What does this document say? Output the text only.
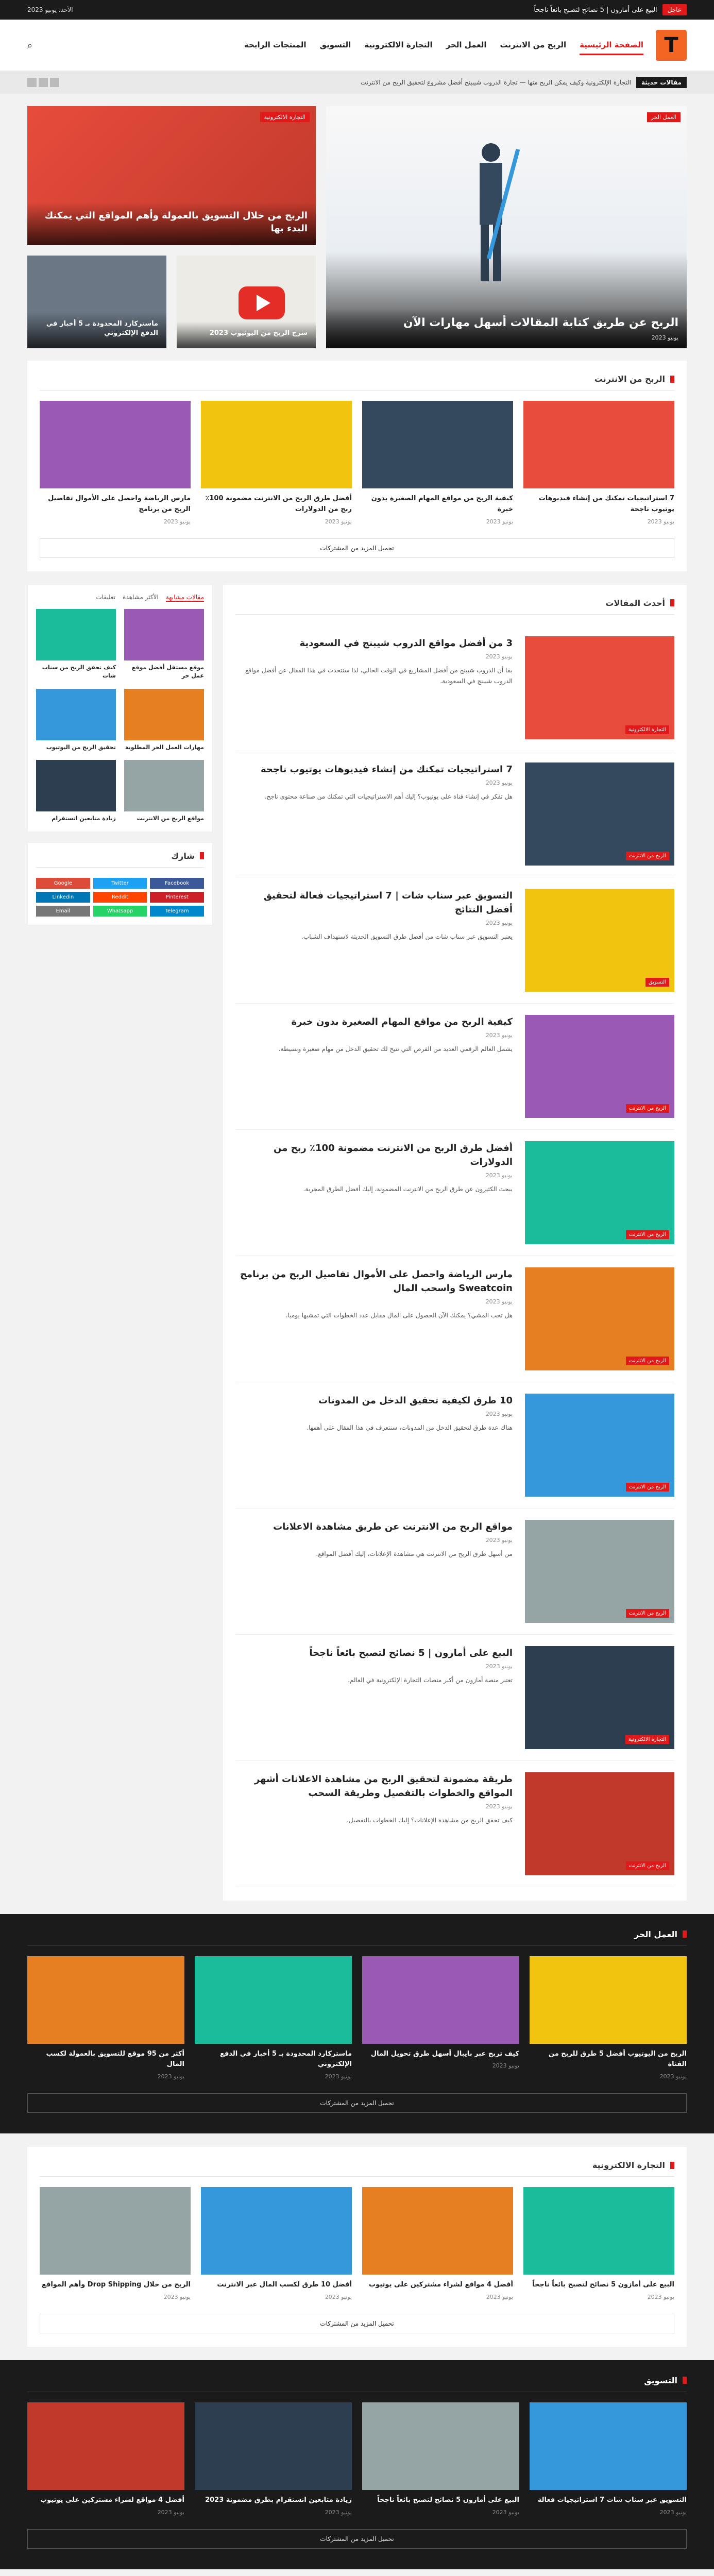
عاجل
البيع على أمازون | 5 نصائح لتصبح بائعاً ناجحاً
الأحد، يونيو 2023
T
الصفحة الرئيسية
الربح من الانترنت
العمل الحر
التجارة الالكترونية
التسويق
المنتجات الرابحة
⌕
مقالات حديثة
التجارة الإلكترونية وكيف يمكن الربح منها — تجارة الدروب شيبينج أفضل مشروع لتحقيق الربح من الانترنت
العمل الحر
الربح عن طريق كتابة المقالات أسهل مهارات الآن
يونيو 2023
التجارة الالكترونية
الربح من خلال التسويق بالعمولة وأهم المواقع التي يمكنك البدء بها
شرح الربح من اليوتيوب 2023
ماستركارد المحدودة بـ 5 أخبار في الدفع الإلكتروني
الربح من الانترنت
7 استراتيجيات تمكنك من إنشاء فيديوهات يوتيوب ناجحة
يونيو 2023
كيفية الربح من مواقع المهام الصغيرة بدون خبرة
يونيو 2023
أفضل طرق الربح من الانترنت مضمونة 100٪ ربح من الدولارات
يونيو 2023
مارس الرياضة واحصل على الأموال تفاصيل الربح من برنامج
يونيو 2023
تحميل المزيد من المشتركات
أحدث المقالات
التجارة الالكترونية
3 من أفضل مواقع الدروب شيبنج في السعودية
يونيو 2023

بما أن الدروب شيبنج من أفضل المشاريع في الوقت الحالي، لذا سنتحدث في هذا المقال عن أفضل مواقع الدروب شيبنج في السعودية.

الربح من الانترنت
7 استراتيجيات تمكنك من إنشاء فيديوهات يوتيوب ناجحة
يونيو 2023

هل تفكر في إنشاء قناة على يوتيوب؟ إليك أهم الاستراتيجيات التي تمكنك من صناعة محتوى ناجح.

التسويق
التسويق عبر سناب شات | 7 استراتيجيات فعالة لتحقيق أفضل النتائج
يونيو 2023

يعتبر التسويق عبر سناب شات من أفضل طرق التسويق الحديثة لاستهداف الشباب.

الربح من الانترنت
كيفية الربح من مواقع المهام الصغيرة بدون خبرة
يونيو 2023

يشمل العالم الرقمي العديد من الفرص التي تتيح لك تحقيق الدخل من مهام صغيرة وبسيطة.

الربح من الانترنت
أفضل طرق الربح من الانترنت مضمونة 100٪ ربح من الدولارات
يونيو 2023

يبحث الكثيرون عن طرق الربح من الانترنت المضمونة، إليك أفضل الطرق المجربة.

الربح من الانترنت
مارس الرياضة واحصل على الأموال تفاصيل الربح من برنامج Sweatcoin واسحب المال
يونيو 2023

هل تحب المشي؟ يمكنك الآن الحصول على المال مقابل عدد الخطوات التي تمشيها يوميا.

الربح من الانترنت
10 طرق لكيفية تحقيق الدخل من المدونات
يونيو 2023

هناك عدة طرق لتحقيق الدخل من المدونات، سنتعرف في هذا المقال على أهمها.

الربح من الانترنت
مواقع الربح من الانترنت عن طريق مشاهدة الاعلانات
يونيو 2023

من أسهل طرق الربح من الانترنت هي مشاهدة الإعلانات، إليك أفضل المواقع.

التجارة الالكترونية
البيع على أمازون | 5 نصائح لتصبح بائعاً ناجحاً
يونيو 2023

تعتبر منصة أمازون من أكبر منصات التجارة الإلكترونية في العالم.

الربح من الانترنت
طريقة مضمونة لتحقيق الربح من مشاهدة الاعلانات أشهر المواقع والخطوات بالتفصيل وطريقة السحب
يونيو 2023

كيف تحقق الربح من مشاهدة الإعلانات؟ إليك الخطوات بالتفصيل.

مقالات مشابهة
الأكثر مشاهدة
تعليقات
موقع مستقل أفضل موقع عمل حر
كيف تحقق الربح من سناب شات
مهارات العمل الحر المطلوبة
تحقيق الربح من اليوتيوب
مواقع الربح من الانترنت
زيادة متابعين انستقرام
شارك
Facebook
Twitter
Google
Pinterest
Reddit
Linkedin
Telegram
Whatsapp
Email
العمل الحر
الربح من اليوتيوب أفضل 5 طرق للربح من القناة
يونيو 2023
كيف تربح عبر بايبال أسهل طرق تحويل المال
يونيو 2023
ماستركارد المحدودة بـ 5 أخبار في الدفع الإلكتروني
يونيو 2023
أكثر من 95 موقع للتسويق بالعمولة لكسب المال
يونيو 2023
تحميل المزيد من المشتركات
التجارة الالكترونية
البيع على أمازون 5 نصائح لتصبح بائعاً ناجحاً
يونيو 2023
أفضل 4 مواقع لشراء مشتركين على يوتيوب
يونيو 2023
أفضل 10 طرق لكسب المال عبر الانترنت
يونيو 2023
الربح من خلال Drop Shipping وأهم المواقع
يونيو 2023
تحميل المزيد من المشتركات
التسويق
التسويق عبر سناب شات 7 استراتيجيات فعالة
يونيو 2023
البيع على أمازون 5 نصائح لتصبح بائعاً ناجحاً
يونيو 2023
زيادة متابعين انستقرام بطرق مضمونة 2023
يونيو 2023
أفضل 4 مواقع لشراء مشتركين على يوتيوب
يونيو 2023
تحميل المزيد من المشتركات
